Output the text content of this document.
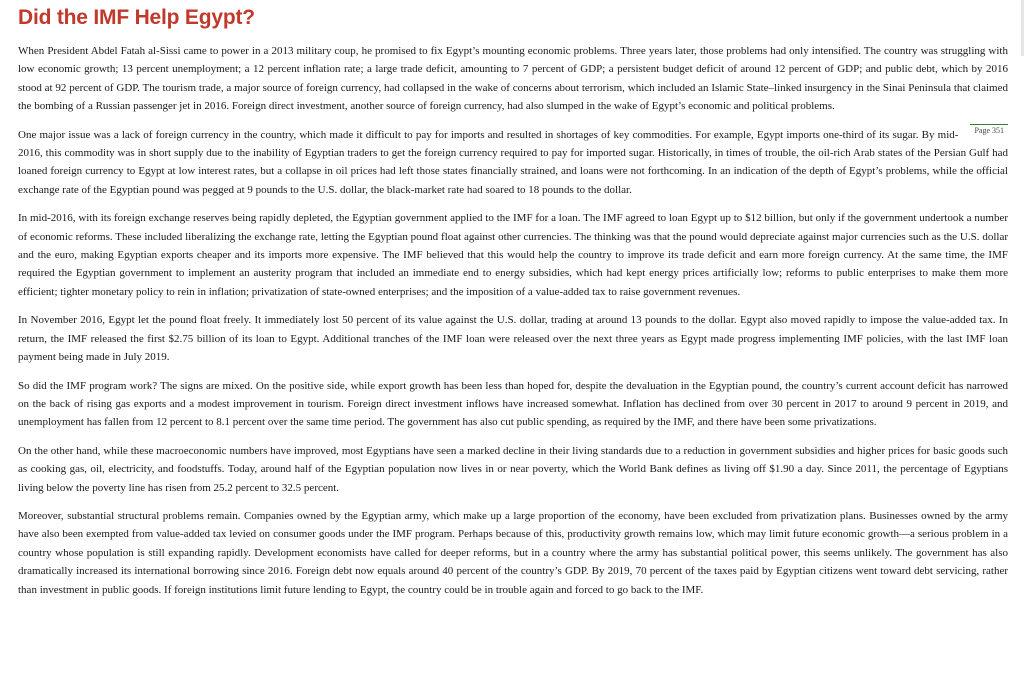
Did the IMF Help Egypt?

When President Abdel Fatah al-Sissi came to power in a 2013 military coup, he promised to fix Egypt’s mounting economic problems. Three years later, those problems had only intensified. The country was struggling with low economic growth; 13 percent unemployment; a 12 percent inflation rate; a large trade deficit, amounting to 7 percent of GDP; a persistent budget deficit of around 12 percent of GDP; and public debt, which by 2016 stood at 92 percent of GDP. The tourism trade, a major source of foreign currency, had collapsed in the wake of concerns about terrorism, which included an Islamic State–linked insurgency in the Sinai Peninsula that claimed the bombing of a Russian passenger jet in 2016. Foreign direct investment, another source of foreign currency, had also slumped in the wake of Egypt’s economic and political problems.

Page 351
One major issue was a lack of foreign currency in the country, which made it difficult to pay for imports and resulted in shortages of key commodities. For example, Egypt imports one-third of its sugar. By mid-2016, this commodity was in short supply due to the inability of Egyptian traders to get the foreign currency required to pay for imported sugar. Historically, in times of trouble, the oil-rich Arab states of the Persian Gulf had loaned foreign currency to Egypt at low interest rates, but a collapse in oil prices had left those states financially strained, and loans were not forthcoming. In an indication of the depth of Egypt’s problems, while the official exchange rate of the Egyptian pound was pegged at 9 pounds to the U.S. dollar, the black-market rate had soared to 18 pounds to the dollar.

In mid-2016, with its foreign exchange reserves being rapidly depleted, the Egyptian government applied to the IMF for a loan. The IMF agreed to loan Egypt up to $12 billion, but only if the government undertook a number of economic reforms. These included liberalizing the exchange rate, letting the Egyptian pound float against other currencies. The thinking was that the pound would depreciate against major currencies such as the U.S. dollar and the euro, making Egyptian exports cheaper and its imports more expensive. The IMF believed that this would help the country to improve its trade deficit and earn more foreign currency. At the same time, the IMF required the Egyptian government to implement an austerity program that included an immediate end to energy subsidies, which had kept energy prices artificially low; reforms to public enterprises to make them more efficient; tighter monetary policy to rein in inflation; privatization of state-owned enterprises; and the imposition of a value-added tax to raise government revenues.

In November 2016, Egypt let the pound float freely. It immediately lost 50 percent of its value against the U.S. dollar, trading at around 13 pounds to the dollar. Egypt also moved rapidly to impose the value-added tax. In return, the IMF released the first $2.75 billion of its loan to Egypt. Additional tranches of the IMF loan were released over the next three years as Egypt made progress implementing IMF policies, with the last IMF loan payment being made in July 2019.

So did the IMF program work? The signs are mixed. On the positive side, while export growth has been less than hoped for, despite the devaluation in the Egyptian pound, the country’s current account deficit has narrowed on the back of rising gas exports and a modest improvement in tourism. Foreign direct investment inflows have increased somewhat. Inflation has declined from over 30 percent in 2017 to around 9 percent in 2019, and unemployment has fallen from 12 percent to 8.1 percent over the same time period. The government has also cut public spending, as required by the IMF, and there have been some privatizations.

On the other hand, while these macroeconomic numbers have improved, most Egyptians have seen a marked decline in their living standards due to a reduction in government subsidies and higher prices for basic goods such as cooking gas, oil, electricity, and foodstuffs. Today, around half of the Egyptian population now lives in or near poverty, which the World Bank defines as living off $1.90 a day. Since 2011, the percentage of Egyptians living below the poverty line has risen from 25.2 percent to 32.5 percent.

Moreover, substantial structural problems remain. Companies owned by the Egyptian army, which make up a large proportion of the economy, have been excluded from privatization plans. Businesses owned by the army have also been exempted from value-added tax levied on consumer goods under the IMF program. Perhaps because of this, productivity growth remains low, which may limit future economic growth—a serious problem in a country whose population is still expanding rapidly. Development economists have called for deeper reforms, but in a country where the army has substantial political power, this seems unlikely. The government has also dramatically increased its international borrowing since 2016. Foreign debt now equals around 40 percent of the country’s GDP. By 2019, 70 percent of the taxes paid by Egyptian citizens went toward debt servicing, rather than investment in public goods. If foreign institutions limit future lending to Egypt, the country could be in trouble again and forced to go back to the IMF.
